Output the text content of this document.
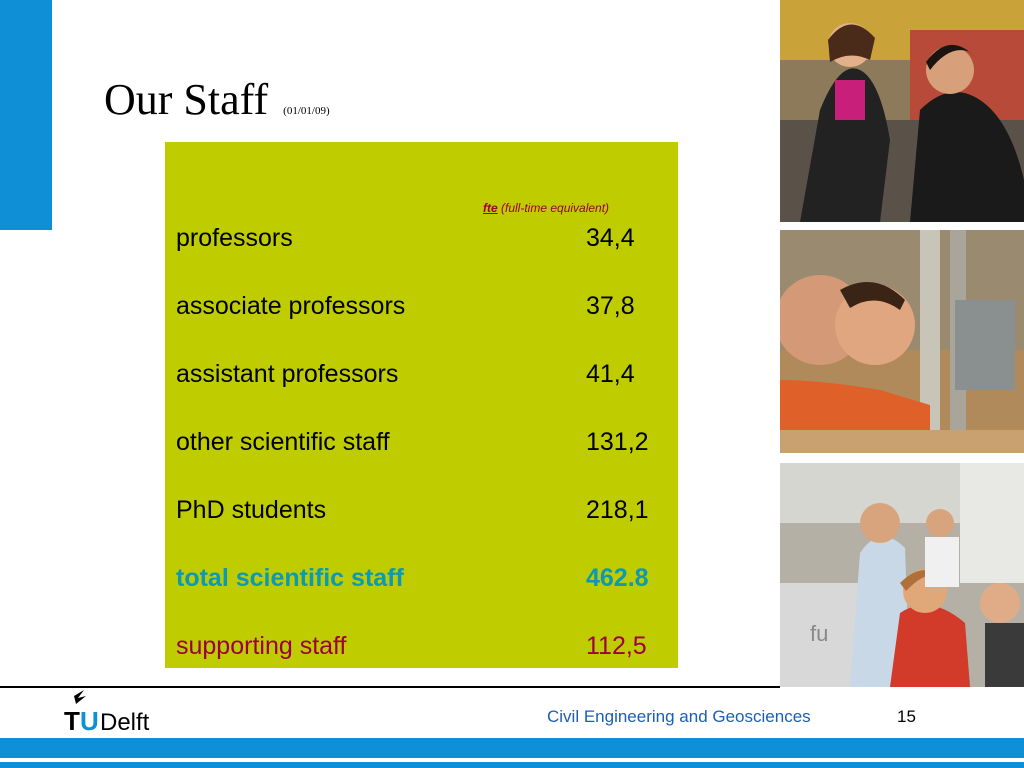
Our Staff (01/01/09)
fte (full-time equivalent)
professors	34,4
associate professors	37,8
assistant professors	41,4
other scientific staff	131,2
PhD students	218,1
total scientific staff	462.8
supporting staff	112,5	fu
T U Delft	Civil Engineering and Geosciences	15
